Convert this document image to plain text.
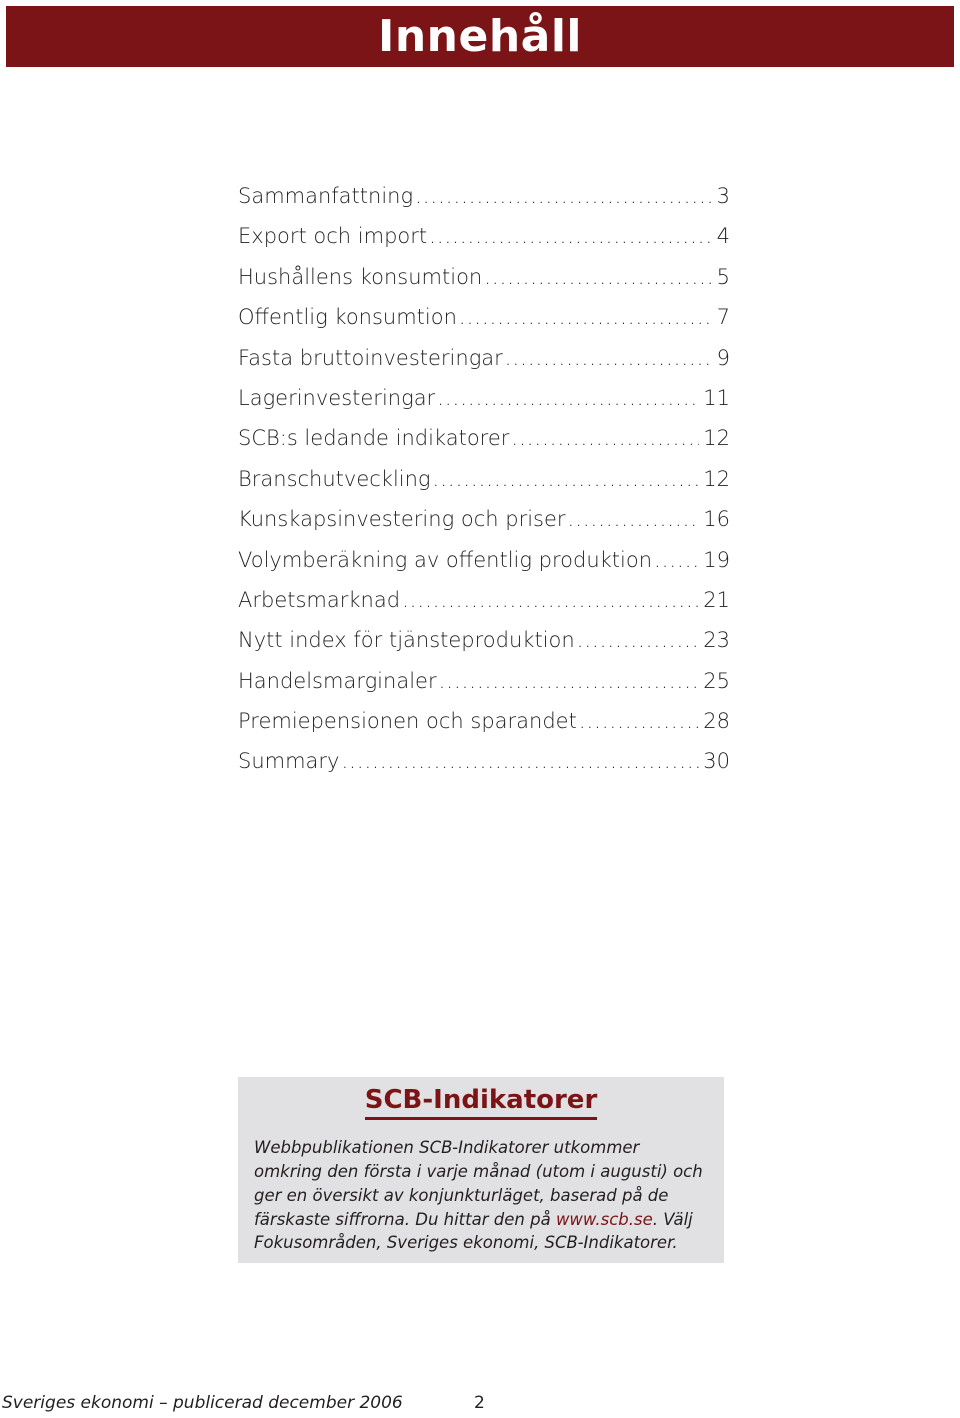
Innehåll
Sammanfattning .....	3
Export och import .....	4
Hushållens konsumtion .....	5
Offentlig konsumtion .....	7
Fasta bruttoinvesteringar .....	9
Lagerinvesteringar .....	11
SCB:s ledande indikatorer .....	12
Branschutveckling .....	12
Kunskapsinvestering och priser .....	16
Volymberäkning av offentlig produktion ..... 19
Arbetsmarknad .....	21
Nytt index för tjänsteproduktion .....	23
Handelsmarginaler .....	25
Premiepensionen och sparandet .....	28
Summary .....	30
SCB-Indikatorer

Webbpublikationen SCB-Indikatorer utkommer omkring den första i varje månad (utom i augusti) och ger en översikt av konjunkturläget, baserad på de färskaste siffrorna. Du hittar den på www.scb.se. Välj Fokusområden, Sveriges ekonomi, SCB-Indikatorer.

Sveriges ekonomi – publicerad december 2006	2
